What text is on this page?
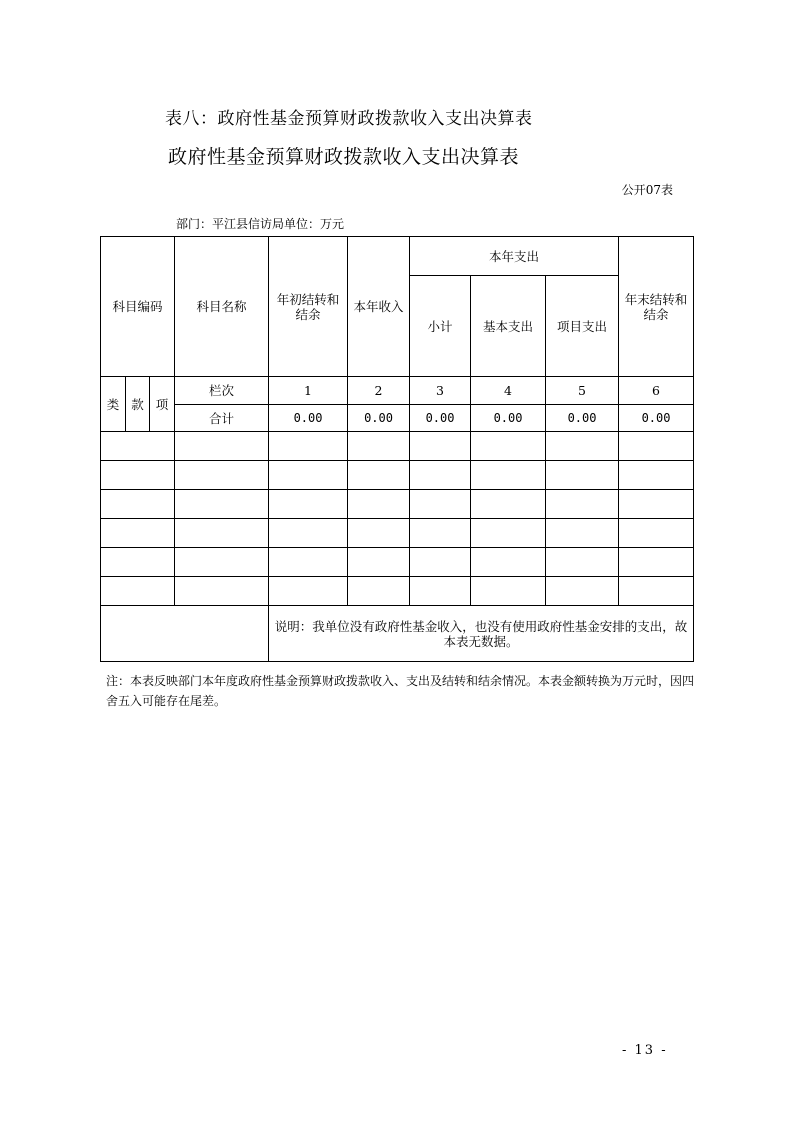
表八：政府性基金预算财政拨款收入支出决算表
政府性基金预算财政拨款收入支出决算表
公开07表
部门：平江县信访局单位：万元
科目编码			科目名称	年初结转和结余	本年收入	本年支出			年末结转和结余
						小计	基本支出	项目支出	
类	款	项	栏次	1	2	3	4	5	6
			合计	0.00	0.00	0.00	0.00	0.00	0.00

				说明：我单位没有政府性基金收入，也没有使用政府性基金安排的支出，故本表无数据。					
注：本表反映部门本年度政府性基金预算财政拨款收入、支出及结转和结余情况。本表金额转换为万元时，因四舍五入可能存在尾差。
- 13 -
